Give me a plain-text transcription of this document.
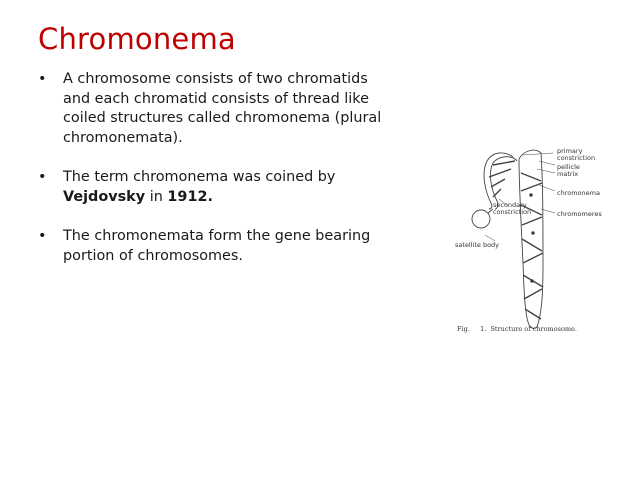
Chromonema
•	A chromosome consists of two chromatids and each chromatid consists of thread like coiled structures called chromonema (plural chromonemata).
•	The term chromonema was coined by Vejdovsky in 1912.
•	The chromonemata form the gene bearing portion of chromosomes.
primary
constriction
pellicle
matrix
chromonema
secondary
constriction	chromomeres
satellite body
Fig.     1.  Structure of chromosome.
